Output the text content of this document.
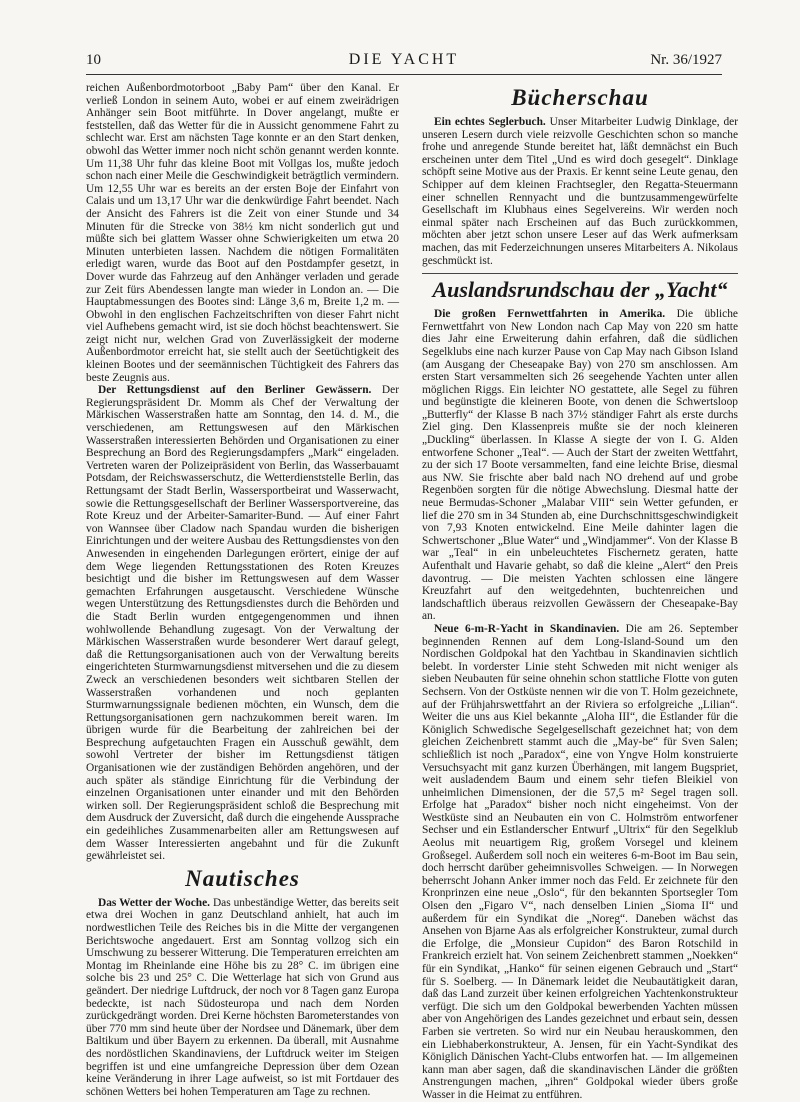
10	DIE YACHT	Nr. 36/1927

reichen Außenbordmotorboot „Baby Pam“ über den Kanal. Er verließ London in seinem Auto, wobei er auf einem zweirädrigen Anhänger sein Boot mitführte. In Dover angelangt, mußte er feststellen, daß das Wetter für die in Aussicht genommene Fahrt zu schlecht war. Erst am nächsten Tage konnte er an den Start denken, obwohl das Wetter immer noch nicht schön genannt werden konnte. Um 11,38 Uhr fuhr das kleine Boot mit Vollgas los, mußte jedoch schon nach einer Meile die Geschwindigkeit beträgtlich vermindern. Um 12,55 Uhr war es bereits an der ersten Boje der Einfahrt von Calais und um 13,17 Uhr war die denkwürdige Fahrt beendet. Nach der Ansicht des Fahrers ist die Zeit von einer Stunde und 34 Minuten für die Strecke von 38½ km nicht sonderlich gut und müßte sich bei glattem Wasser ohne Schwierigkeiten um etwa 20 Minuten unterbieten lassen. Nachdem die nötigen Formalitäten erledigt waren, wurde das Boot auf den Postdampfer gesetzt, in Dover wurde das Fahrzeug auf den Anhänger verladen und gerade zur Zeit fürs Abendessen langte man wieder in London an. — Die Hauptabmessungen des Bootes sind: Länge 3,6 m, Breite 1,2 m. — Obwohl in den englischen Fachzeitschriften von dieser Fahrt nicht viel Aufhebens gemacht wird, ist sie doch höchst beachtenswert. Sie zeigt nicht nur, welchen Grad von Zuverlässigkeit der moderne Außenbordmotor erreicht hat, sie stellt auch der Seetüchtigkeit des kleinen Bootes und der seemännischen Tüchtigkeit des Fahrers das beste Zeugnis aus.

Der Rettungsdienst auf den Berliner Gewässern. Der Regierungspräsident Dr. Momm als Chef der Verwaltung der Märkischen Wasserstraßen hatte am Sonntag, den 14. d. M., die verschiedenen, am Rettungswesen auf den Märkischen Wasserstraßen interessierten Behörden und Organisationen zu einer Besprechung an Bord des Regierungsdampfers „Mark“ eingeladen. Vertreten waren der Polizeipräsident von Berlin, das Wasserbauamt Potsdam, der Reichswasserschutz, die Wetterdienststelle Berlin, das Rettungsamt der Stadt Berlin, Wassersportbeirat und Wasserwacht, sowie die Rettungsgesellschaft der Berliner Wassersportvereine, das Rote Kreuz und der Arbeiter-Samariter-Bund. — Auf einer Fahrt von Wannsee über Cladow nach Spandau wurden die bisherigen Einrichtungen und der weitere Ausbau des Rettungsdienstes von den Anwesenden in eingehenden Darlegungen erörtert, einige der auf dem Wege liegenden Rettungsstationen des Roten Kreuzes besichtigt und die bisher im Rettungswesen auf dem Wasser gemachten Erfahrungen ausgetauscht. Verschiedene Wünsche wegen Unterstützung des Rettungsdienstes durch die Behörden und die Stadt Berlin wurden entgegengenommen und ihnen wohlwollende Behandlung zugesagt. Von der Verwaltung der Märkischen Wasserstraßen wurde besonderer Wert darauf gelegt, daß die Rettungsorganisationen auch von der Verwaltung bereits eingerichteten Sturmwarnungsdienst mitversehen und die zu diesem Zweck an verschiedenen besonders weit sichtbaren Stellen der Wasserstraßen vorhandenen und noch geplanten Sturmwarnungssignale bedienen möchten, ein Wunsch, dem die Rettungsorganisationen gern nachzukommen bereit waren. Im übrigen wurde für die Bearbeitung der zahlreichen bei der Besprechung aufgetauchten Fragen ein Ausschuß gewählt, dem sowohl Vertreter der bisher im Rettungsdienst tätigen Organisationen wie der zuständigen Behörden angehören, und der auch später als ständige Einrichtung für die Verbindung der einzelnen Organisationen unter einander und mit den Behörden wirken soll. Der Regierungspräsident schloß die Besprechung mit dem Ausdruck der Zuversicht, daß durch die eingehende Aussprache ein gedeihliches Zusammenarbeiten aller am Rettungswesen auf dem Wasser Interessierten angebahnt und für die Zukunft gewährleistet sei.

Nautisches

Das Wetter der Woche. Das unbeständige Wetter, das bereits seit etwa drei Wochen in ganz Deutschland anhielt, hat auch im nordwestlichen Teile des Reiches bis in die Mitte der vergangenen Berichtswoche angedauert. Erst am Sonntag vollzog sich ein Umschwung zu besserer Witterung. Die Temperaturen erreichten am Montag im Rheinlande eine Höhe bis zu 28° C. im übrigen eine solche bis 23 und 25° C. Die Wetterlage hat sich von Grund aus geändert. Der niedrige Luftdruck, der noch vor 8 Tagen ganz Europa bedeckte, ist nach Südosteuropa und nach dem Norden zurückgedrängt worden. Drei Kerne höchsten Barometerstandes von über 770 mm sind heute über der Nordsee und Dänemark, über dem Baltikum und über Bayern zu erkennen. Da überall, mit Ausnahme des nordöstlichen Skandinaviens, der Luftdruck weiter im Steigen begriffen ist und eine umfangreiche Depression über dem Ozean keine Veränderung in ihrer Lage aufweist, so ist mit Fortdauer des schönen Wetters bei hohen Temperaturen am Tage zu rechnen.

Bücherschau

Ein echtes Seglerbuch. Unser Mitarbeiter Ludwig Dinklage, der unseren Lesern durch viele reizvolle Geschichten schon so manche frohe und anregende Stunde bereitet hat, läßt demnächst ein Buch erscheinen unter dem Titel „Und es wird doch gesegelt“. Dinklage schöpft seine Motive aus der Praxis. Er kennt seine Leute genau, den Schipper auf dem kleinen Frachtsegler, den Regatta-Steuermann einer schnellen Rennyacht und die buntzusammengewürfelte Gesellschaft im Klubhaus eines Segelvereins. Wir werden noch einmal später nach Erscheinen auf das Buch zurückkommen, möchten aber jetzt schon unsere Leser auf das Werk aufmerksam machen, das mit Federzeichnungen unseres Mitarbeiters A. Nikolaus geschmückt ist.

Auslandsrundschau der „Yacht“

Die großen Fernwettfahrten in Amerika. Die übliche Fernwettfahrt von New London nach Cap May von 220 sm hatte dies Jahr eine Erweiterung dahin erfahren, daß die südlichen Segelklubs eine nach kurzer Pause von Cap May nach Gibson Island (am Ausgang der Cheseapake Bay) von 270 sm anschlossen. Am ersten Start versammelten sich 26 seegehende Yachten unter allen möglichen Riggs. Ein leichter NO gestattete, alle Segel zu führen und begünstigte die kleineren Boote, von denen die Schwertsloop „Butterfly“ der Klasse B nach 37½ ständiger Fahrt als erste durchs Ziel ging. Den Klassenpreis mußte sie der noch kleineren „Duckling“ überlassen. In Klasse A siegte der von I. G. Alden entworfene Schoner „Teal“. — Auch der Start der zweiten Wettfahrt, zu der sich 17 Boote versammelten, fand eine leichte Brise, diesmal aus NW. Sie frischte aber bald nach NO drehend auf und grobe Regenböen sorgten für die nötige Abwechslung. Diesmal hatte der neue Bermudas-Schoner „Malabar VIII“ sein Wetter gefunden, er lief die 270 sm in 34 Stunden ab, eine Durchschnittsgeschwindigkeit von 7,93 Knoten entwickelnd. Eine Meile dahinter lagen die Schwertschoner „Blue Water“ und „Windjammer“. Von der Klasse B war „Teal“ in ein unbeleuchtetes Fischernetz geraten, hatte Aufenthalt und Havarie gehabt, so daß die kleine „Alert“ den Preis davontrug. — Die meisten Yachten schlossen eine längere Kreuzfahrt auf den weitgedehnten, buchtenreichen und landschaftlich überaus reizvollen Gewässern der Cheseapake-Bay an.

Neue 6-m-R-Yacht in Skandinavien. Die am 26. September beginnenden Rennen auf dem Long-Island-Sound um den Nordischen Goldpokal hat den Yachtbau in Skandinavien sichtlich belebt. In vorderster Linie steht Schweden mit nicht weniger als sieben Neubauten für seine ohnehin schon stattliche Flotte von guten Sechsern. Von der Ostküste nennen wir die von T. Holm gezeichnete, auf der Frühjahrswettfahrt an der Riviera so erfolgreiche „Lilian“. Weiter die uns aus Kiel bekannte „Aloha III“, die Estlander für die Königlich Schwedische Segelgesellschaft gezeichnet hat; von dem gleichen Zeichenbrett stammt auch die „May-be“ für Sven Salen; schließlich ist noch „Paradox“, eine von Yngve Holm konstruierte Versuchsyacht mit ganz kurzen Überhängen, mit langem Bugspriet, weit ausladendem Baum und einem sehr tiefen Bleikiel von unheimlichen Dimensionen, der die 57,5 m² Segel tragen soll. Erfolge hat „Paradox“ bisher noch nicht eingeheimst. Von der Westküste sind an Neubauten ein von C. Holmström entworfener Sechser und ein Estlanderscher Entwurf „Ultrix“ für den Segelklub Aeolus mit neuartigem Rig, großem Vorsegel und kleinem Großsegel. Außerdem soll noch ein weiteres 6-m-Boot im Bau sein, doch herrscht darüber geheimnisvolles Schweigen. — In Norwegen beherrscht Johann Anker immer noch das Feld. Er zeichnete für den Kronprinzen eine neue „Oslo“, für den bekannten Sportsegler Tom Olsen den „Figaro V“, nach denselben Linien „Sioma II“ und außerdem für ein Syndikat die „Noreg“. Daneben wächst das Ansehen von Bjarne Aas als erfolgreicher Konstrukteur, zumal durch die Erfolge, die „Monsieur Cupidon“ des Baron Rotschild in Frankreich erzielt hat. Von seinem Zeichenbrett stammen „Noekken“ für ein Syndikat, „Hanko“ für seinen eigenen Gebrauch und „Start“ für S. Soelberg. — In Dänemark leidet die Neubautätigkeit daran, daß das Land zurzeit über keinen erfolgreichen Yachtenkonstrukteur verfügt. Die sich um den Goldpokal bewerbenden Yachten müssen aber von Angehörigen des Landes gezeichnet und erbaut sein, dessen Farben sie vertreten. So wird nur ein Neubau herauskommen, den ein Liebhaberkonstrukteur, A. Jensen, für ein Yacht-Syndikat des Königlich Dänischen Yacht-Clubs entworfen hat. — Im allgemeinen kann man aber sagen, daß die skandinavischen Länder die größten Anstrengungen machen, „ihren“ Goldpokal wieder übers große Wasser in die Heimat zu entführen.
